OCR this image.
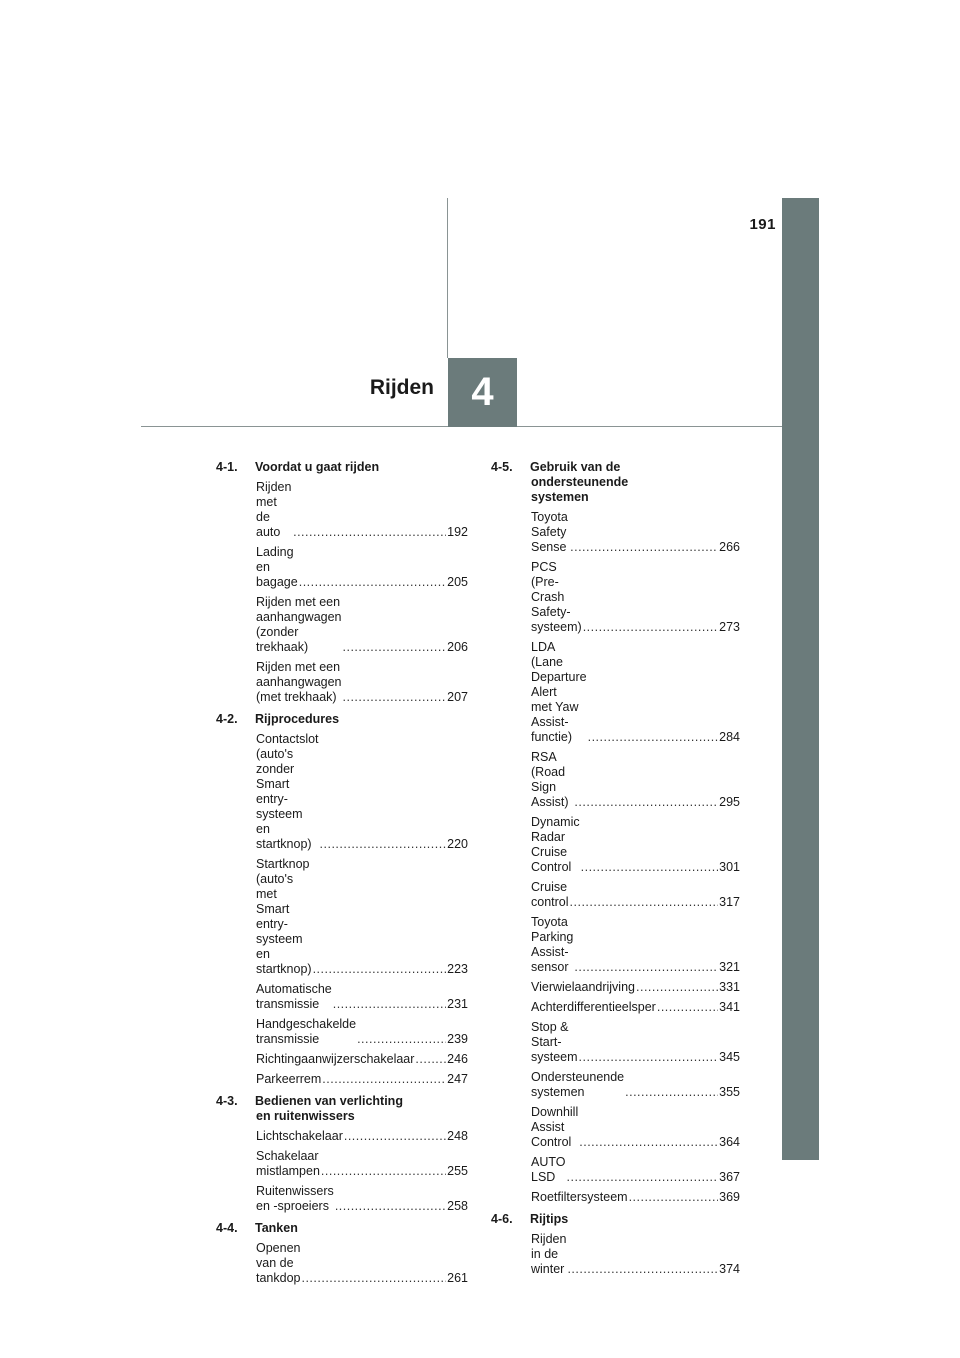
191
4
Rijden
4-1.	Voordat u gaat rijden
Rijden met de auto .....	192
Lading en bagage .....	205
Rijden met een
aanhangwagen
(zonder trekhaak) .....	206
Rijden met een
aanhangwagen
(met trekhaak) .....	207
4-2.	Rijprocedures
Contactslot (auto's zonder
Smart entry-systeem
en startknop) .....	220
Startknop (auto's met
Smart entry-systeem
en startknop) .....	223
Automatische transmissie .....	231
Handgeschakelde
transmissie .....	239
Richtingaanwijzerschakelaar .....	246
Parkeerrem .....	247
4-3.	Bedienen van verlichting
en ruitenwissers
Lichtschakelaar .....	248
Schakelaar mistlampen .....	255
Ruitenwissers en -sproeiers .....	258
4-4.	Tanken
Openen van de tankdop .....	261
4-5.	Gebruik van de
ondersteunende
systemen
Toyota Safety Sense .....	266
PCS (Pre-Crash
Safety-systeem) .....	273
LDA (Lane Departure Alert
met Yaw Assist-functie) .....	284
RSA (Road Sign Assist) .....	295
Dynamic Radar Cruise
Control .....	301
Cruise control .....	317
Toyota Parking
Assist-sensor .....	321
Vierwielaandrijving .....	331
Achterdifferentieelsper .....	341
Stop & Start-systeem .....	345
Ondersteunende systemen .....	355
Downhill Assist Control .....	364
AUTO LSD .....	367
Roetfiltersysteem .....	369
4-6.	Rijtips
Rijden in de winter .....	374
